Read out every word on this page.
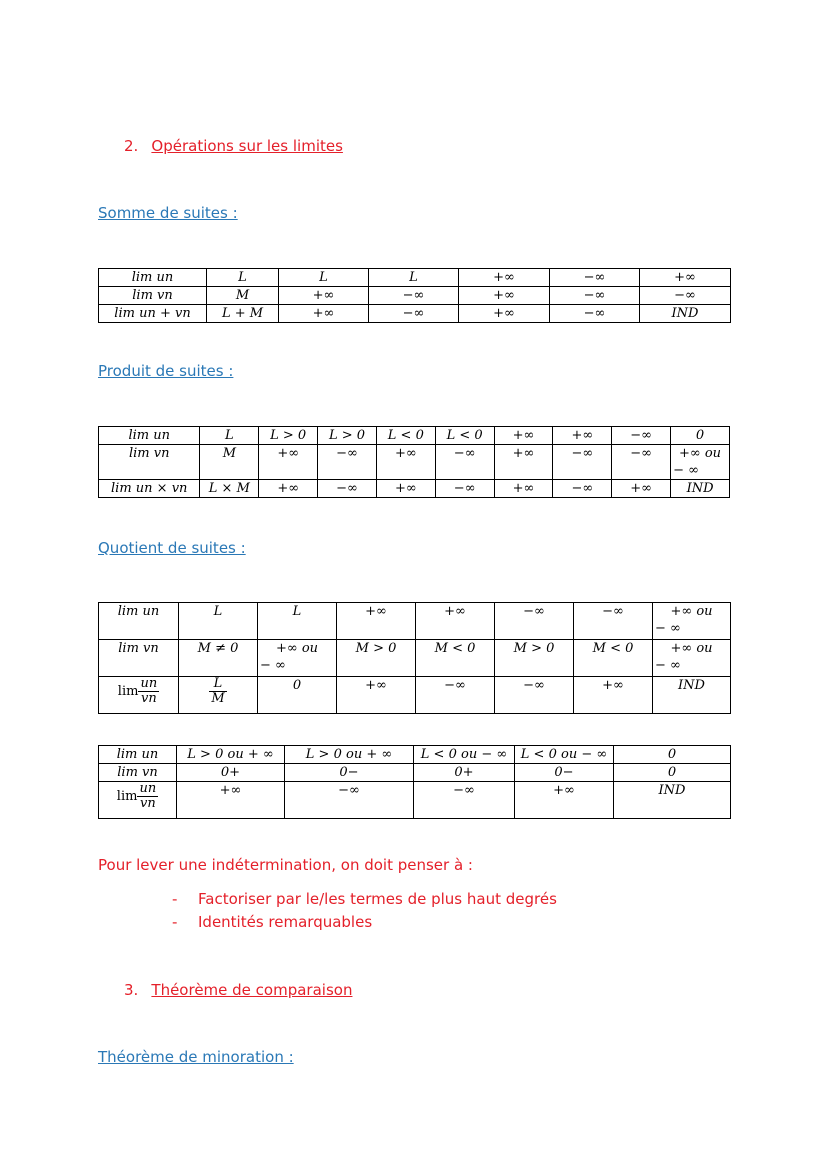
2. Opérations sur les limites
Somme de suites :
lim un	L	L	L	+∞	−∞	+∞
lim vn	M	+∞	−∞	+∞	−∞	−∞
lim un + vn	L + M	+∞	−∞	+∞	−∞	IND
Produit de suites :
lim un	L	L > 0	L > 0	L < 0	L < 0	+∞	+∞	−∞	0
lim vn	M	+∞	−∞	+∞	−∞	+∞	−∞	−∞	+∞ ou
− ∞

lim un × vn	L × M	+∞	−∞	+∞	−∞	+∞	−∞	+∞	IND
Quotient de suites :
lim un	L	L	+∞	+∞	−∞	−∞	+∞ ou
− ∞

lim vn	M ≠ 0	+∞ ou
− ∞	M > 0	M < 0	M > 0	M < 0	+∞ ou
− ∞

$\lim \frac{un}{vn}$	$\frac{L}{M}$	0	+∞	−∞	−∞	+∞	IND
lim un	L > 0 ou + ∞	L > 0 ou + ∞	L < 0 ou − ∞	L < 0 ou − ∞	0
lim vn	0+	0−	0+	0−	0
$\lim \frac{un}{vn}$	+∞	−∞	−∞	+∞	IND
Pour lever une indétermination, on doit penser à :
- Factoriser par le/les termes de plus haut degrés
- Identités remarquables
3. Théorème de comparaison
Théorème de minoration :
